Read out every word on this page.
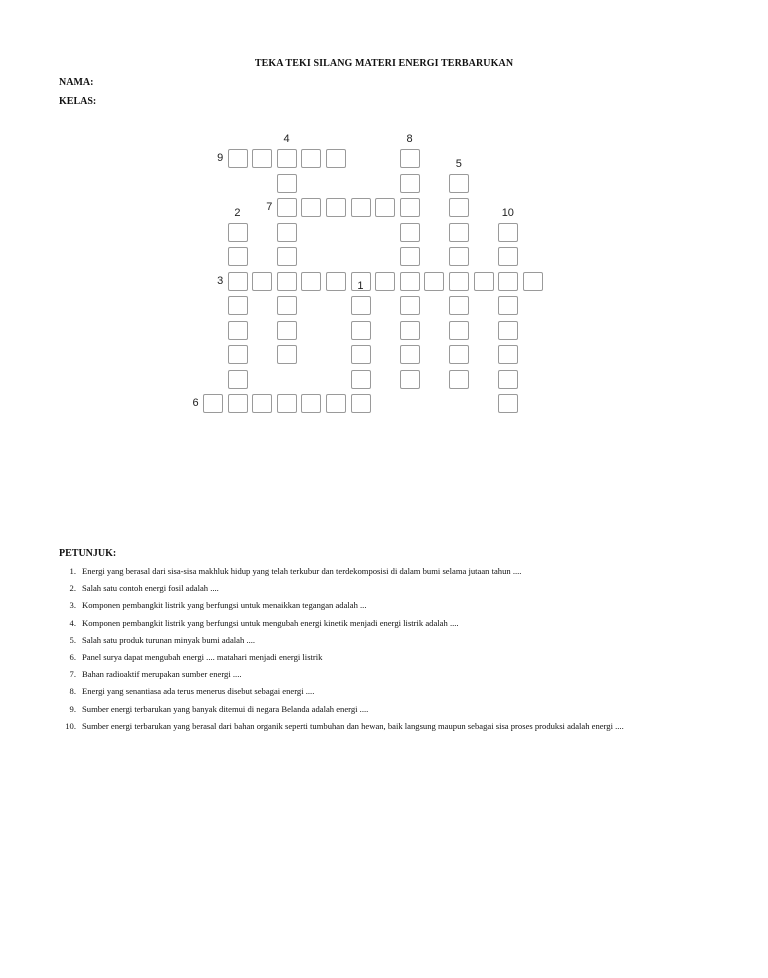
TEKA TEKI SILANG MATERI ENERGI TERBARUKAN
NAMA:
KELAS:
1
2
3
4
5
6
7
8
9
10
PETUNJUK:
1. Energi yang berasal dari sisa-sisa makhluk hidup yang telah terkubur dan terdekomposisi di dalam bumi selama jutaan tahun ....
2. Salah satu contoh energi fosil adalah ....
3. Komponen pembangkit listrik yang berfungsi untuk menaikkan tegangan adalah ...
4. Komponen pembangkit listrik yang berfungsi untuk mengubah energi kinetik menjadi energi listrik adalah ....
5. Salah satu produk turunan minyak bumi adalah ....
6. Panel surya dapat mengubah energi .... matahari menjadi energi listrik
7. Bahan radioaktif merupakan sumber energi ....
8. Energi yang senantiasa ada terus menerus disebut sebagai energi ....
9. Sumber energi terbarukan yang banyak ditemui di negara Belanda adalah energi ....
10. Sumber energi terbarukan yang berasal dari bahan organik seperti tumbuhan dan hewan, baik langsung maupun sebagai sisa proses produksi adalah energi ....
